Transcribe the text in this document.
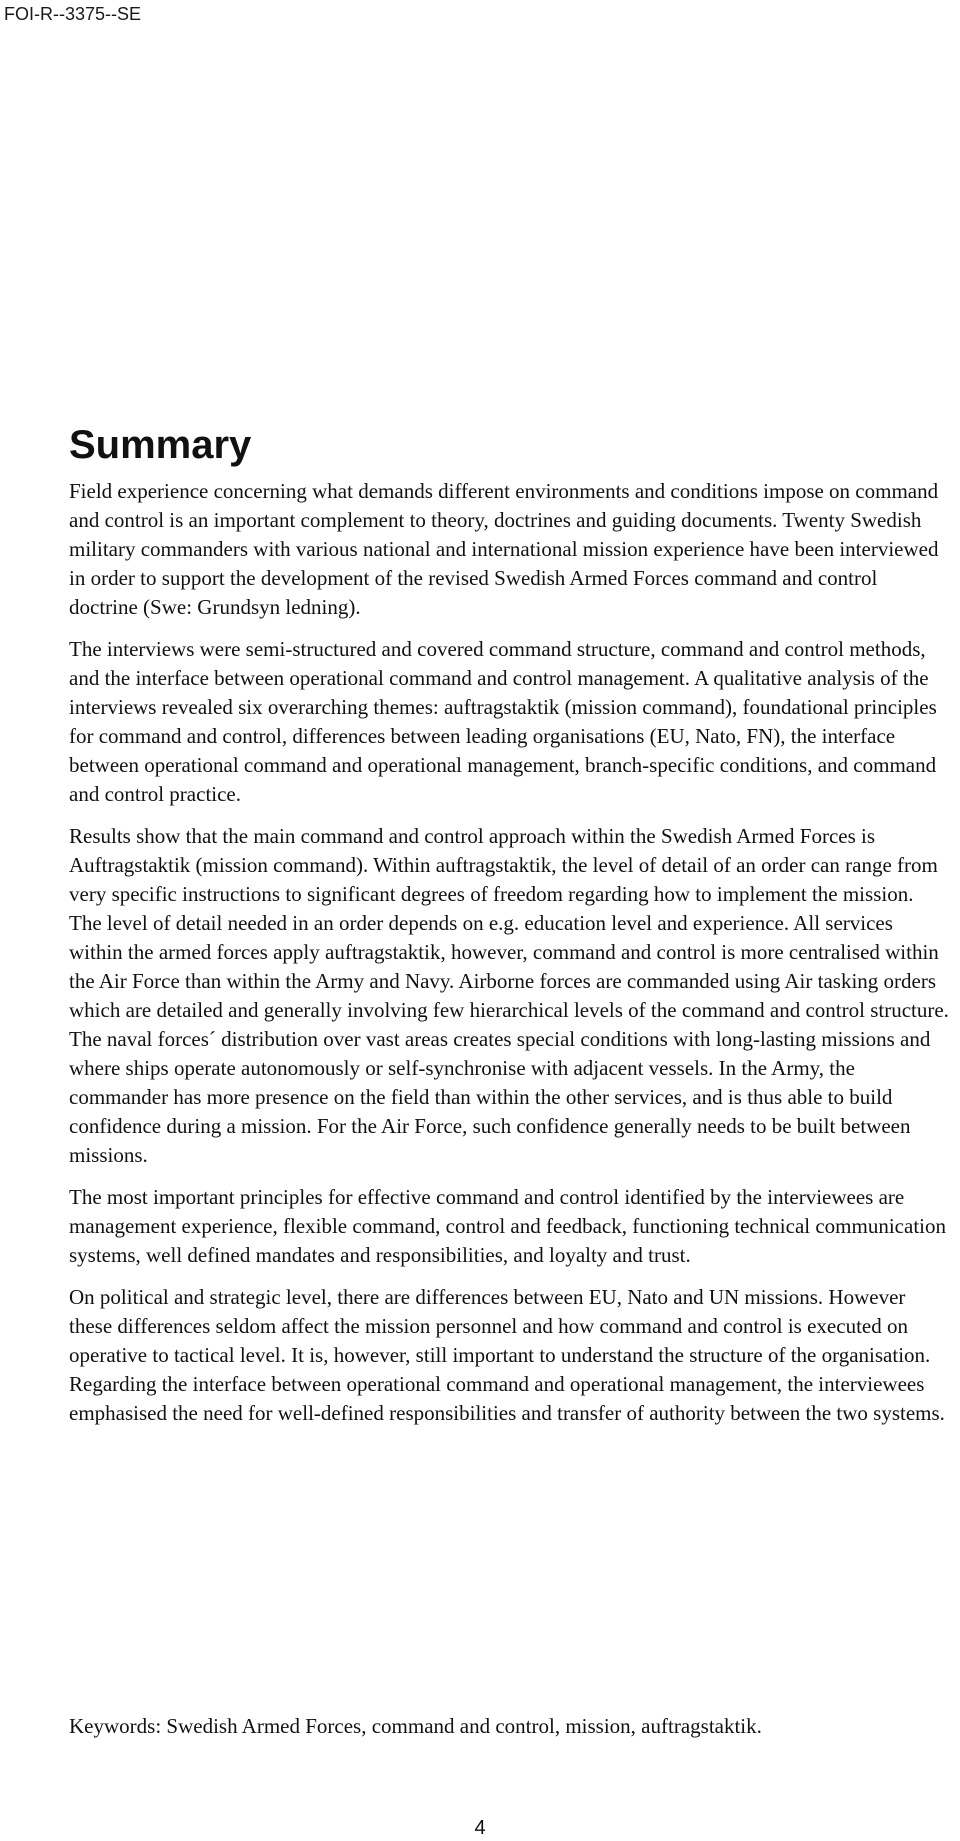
FOI-R--3375--SE
Summary

Field experience concerning what demands different environments and conditions impose on command and control is an important complement to theory, doctrines and guiding documents. Twenty Swedish military commanders with various national and international mission experience have been interviewed in order to support the development of the revised Swedish Armed Forces command and control doctrine (Swe: Grundsyn ledning).

The interviews were semi-structured and covered command structure, command and control methods, and the interface between operational command and control management. A qualitative analysis of the interviews revealed six overarching themes: auftragstaktik (mission command), foundational principles for command and control, differences between leading organisations (EU, Nato, FN), the interface between operational command and operational management, branch-specific conditions, and command and control practice.

Results show that the main command and control approach within the Swedish Armed Forces is Auftragstaktik (mission command). Within auftragstaktik, the level of detail of an order can range from very specific instructions to significant degrees of freedom regarding how to implement the mission. The level of detail needed in an order depends on e.g. education level and experience. All services within the armed forces apply auftragstaktik, however, command and control is more centralised within the Air Force than within the Army and Navy. Airborne forces are commanded using Air tasking orders which are detailed and generally involving few hierarchical levels of the command and control structure. The naval forces´ distribution over vast areas creates special conditions with long-lasting missions and where ships operate autonomously or self-synchronise with adjacent vessels. In the Army, the commander has more presence on the field than within the other services, and is thus able to build confidence during a mission. For the Air Force, such confidence generally needs to be built between missions.

The most important principles for effective command and control identified by the interviewees are management experience, flexible command, control and feedback, functioning technical communication systems, well defined mandates and responsibilities, and loyalty and trust.

On political and strategic level, there are differences between EU, Nato and UN missions. However these differences seldom affect the mission personnel and how command and control is executed on operative to tactical level. It is, however, still important to understand the structure of the organisation. Regarding the interface between operational command and operational management, the interviewees emphasised the need for well-defined responsibilities and transfer of authority between the two systems.

Keywords: Swedish Armed Forces, command and control, mission, auftragstaktik.
4
